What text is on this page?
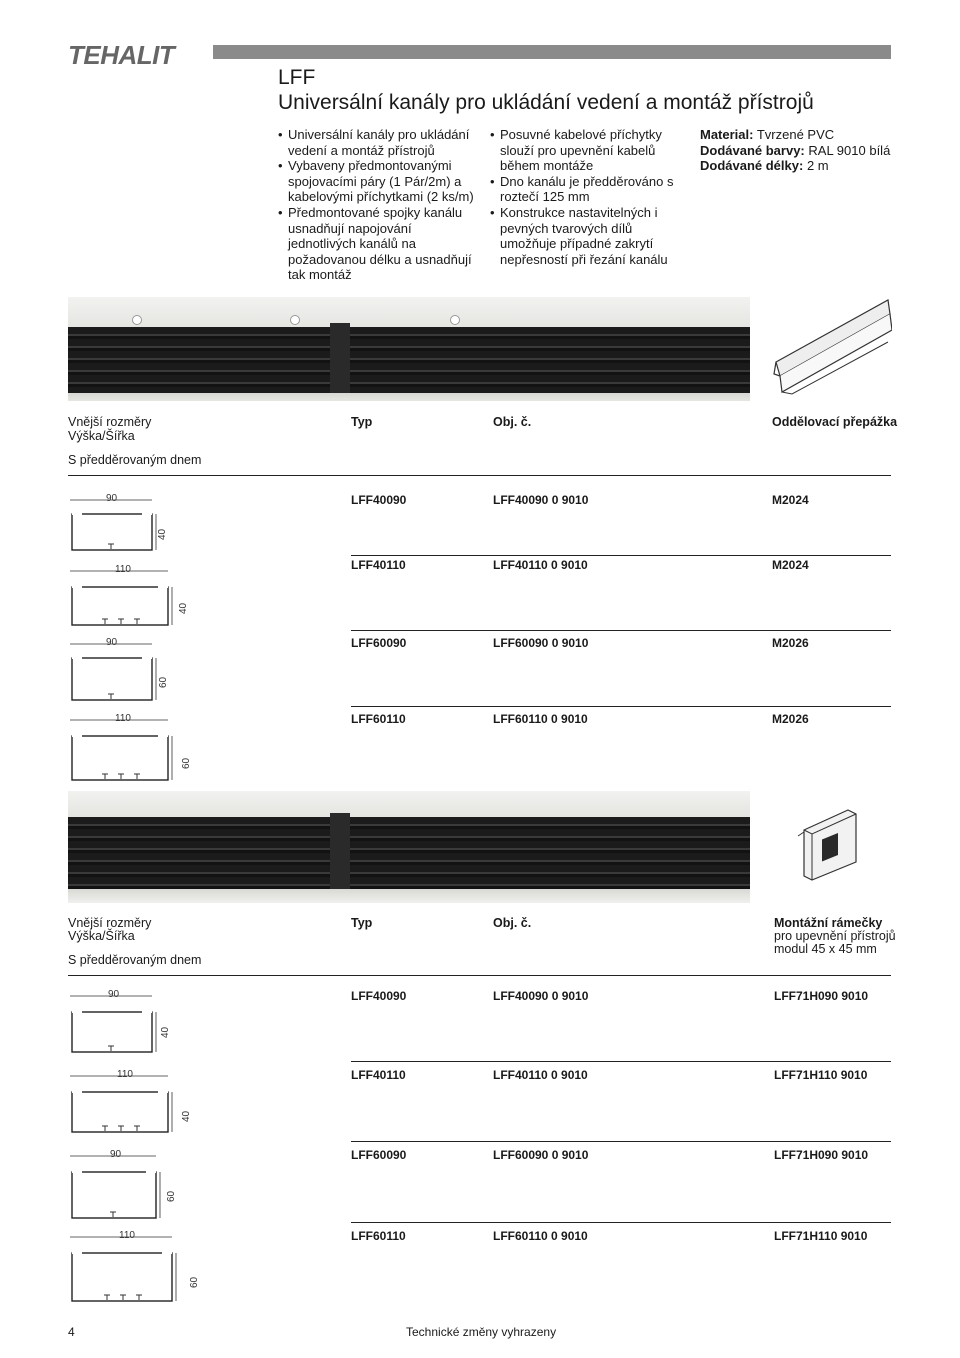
TEHALIT
LFF
Universální kanály pro ukládání vedení a montáž přístrojů
• Universální kanály pro ukládání vedení a montáž přístrojů
• Vybaveny předmontovanými spojovacími páry (1 Pár/2m) a kabelovými příchytkami (2 ks/m)
• Předmontované spojky kanálu usnadňují napojování jednotlivých kanálů na požadovanou délku a usnadňují tak montáž
• Posuvné kabelové příchytky slouží pro upevnění kabelů během montáže
• Dno kanálu je předděrováno s roztečí 125 mm
• Konstrukce nastavitelných i pevných tvarových dílů umožňuje případné zakrytí nepřesností při řezání kanálu
Material: Tvrzené PVC
Dodávané barvy: RAL 9010 bílá
Dodávané délky: 2 m
Vnější rozměry
Výška/Šířka
S předděrovaným dnem
Typ	Obj. č.	Oddělovací přepážka
90
40
LFF40090	LFF40090 0 9010	M2024
110
40
LFF40110	LFF40110 0 9010	M2024
90
60
LFF60090	LFF60090 0 9010	M2026
110
60
LFF60110	LFF60110 0 9010	M2026
Vnější rozměry
Výška/Šířka
S předděrovaným dnem
Typ	Obj. č.	Montážní rámečky
pro upevnění přístrojů
modul 45 x 45 mm
90
40
LFF40090	LFF40090 0 9010	LFF71H090 9010
110
40
LFF40110	LFF40110 0 9010	LFF71H110 9010
90
60
LFF60090	LFF60090 0 9010	LFF71H090 9010
110
60
LFF60110	LFF60110 0 9010	LFF71H110 9010
4	Technické změny vyhrazeny
